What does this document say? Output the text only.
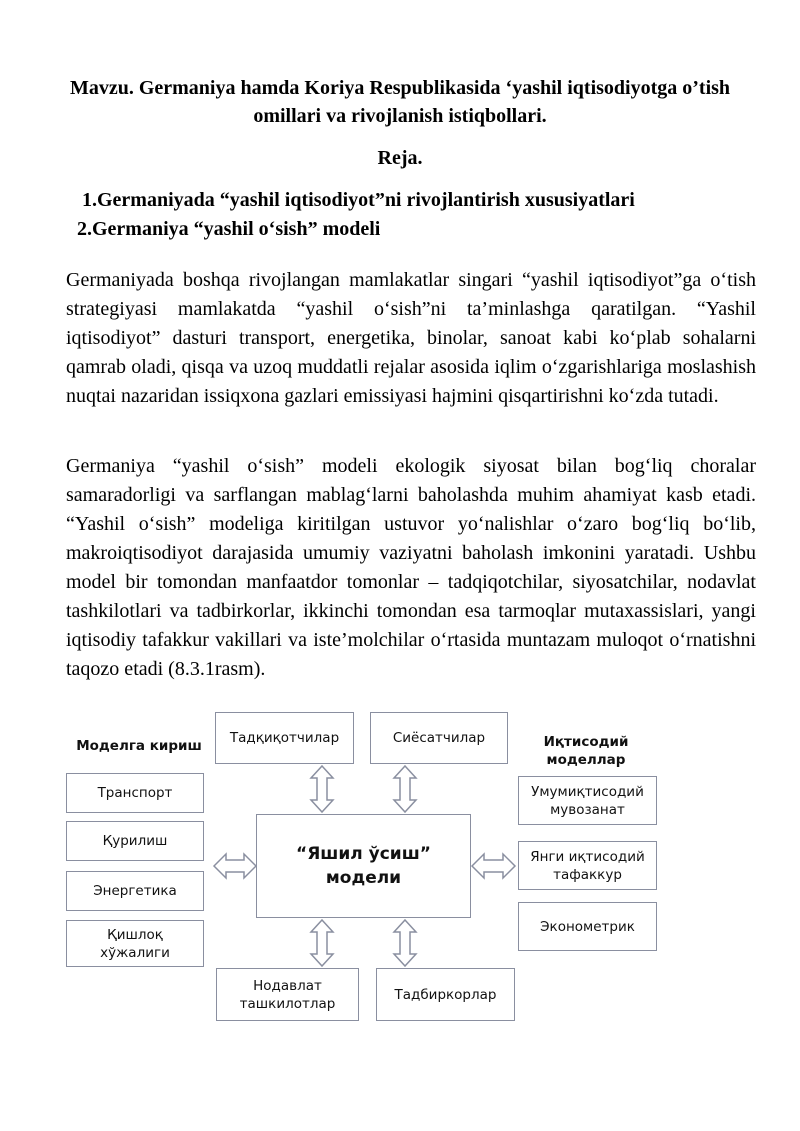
Mavzu. Germaniya hamda Koriya Respublikasida ‘yashil iqtisodiyotga o’tish omillari va rivojlanish istiqbollari.
Reja.
1.Germaniyada “yashil iqtisodiyot”ni rivojlantirish xususiyatlari
2.Germaniya “yashil o‘sish” modeli

Germaniyada boshqa rivojlangan mamlakatlar singari “yashil iqtisodiyot”ga o‘tish strategiyasi mamlakatda “yashil o‘sish”ni ta’minlashga qaratilgan. “Yashil iqtisodiyot” dasturi transport, energetika, binolar, sanoat kabi ko‘plab sohalarni qamrab oladi, qisqa va uzoq muddatli rejalar asosida iqlim o‘zgarishlariga moslashish nuqtai nazaridan issiqxona gazlari emissiyasi hajmini qisqartirishni ko‘zda tutadi.

Germaniya “yashil o‘sish” modeli ekologik siyosat bilan bog‘liq choralar samaradorligi va sarflangan mablag‘larni baholashda muhim ahamiyat kasb etadi. “Yashil o‘sish” modeliga kiritilgan ustuvor yo‘nalishlar o‘zaro bog‘liq bo‘lib, makroiqtisodiyot darajasida umumiy vaziyatni baholash imkonini yaratadi. Ushbu model bir tomondan manfaatdor tomonlar – tadqiqotchilar, siyosatchilar, nodavlat tashkilotlari va tadbirkorlar, ikkinchi tomondan esa tarmoqlar mutaxassislari, yangi iqtisodiy tafakkur vakillari va iste’molchilar o‘rtasida muntazam muloqot o‘rnatishni taqozo etadi (8.3.1rasm).

“Яшил ўсиш” модели
Тадқиқотчилар	Сиёсатчилар
Нодавлат ташкилотлар
Тадбиркорлар
Моделга кириш
Транспорт
Қурилиш
Энергетика
Қишлоқ хўжалиги
Иқтисодий моделлар
Умумиқтисодий мувозанат
Янги иқтисодий тафаккур
Эконометрик
